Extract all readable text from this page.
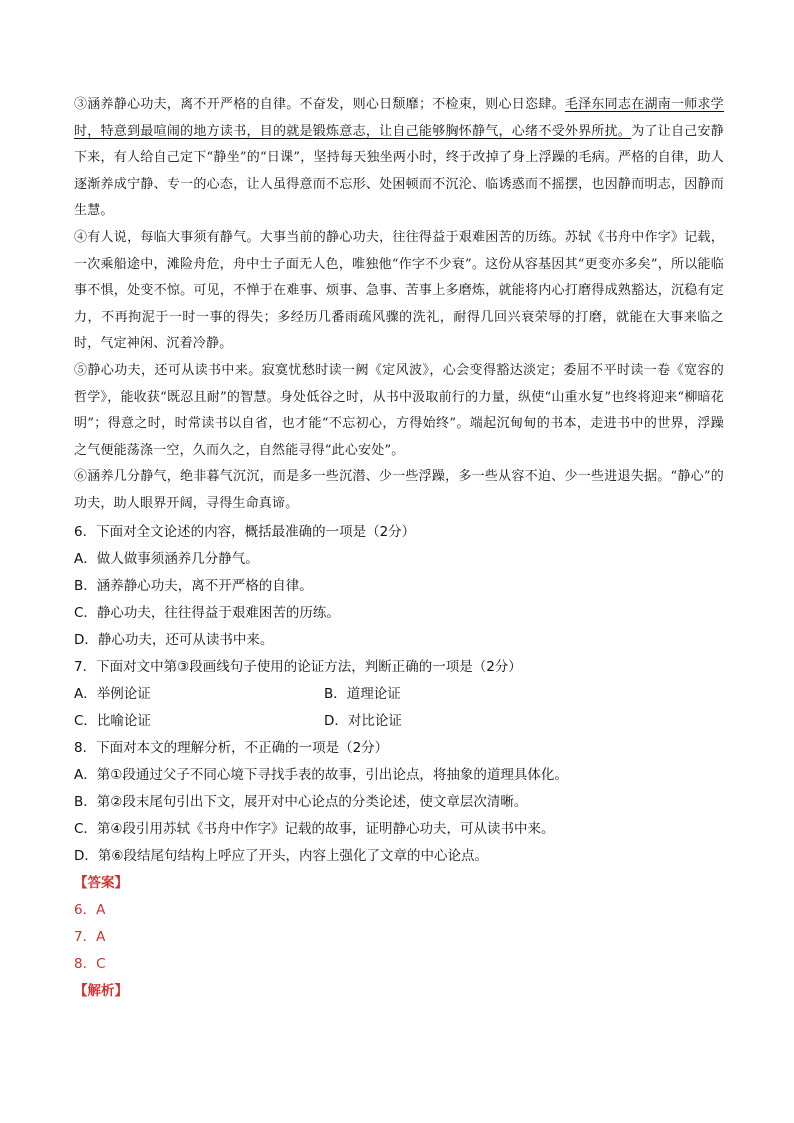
③涵养静心功夫，离不开严格的自律。不奋发，则心日颓靡；不检束，则心日恣肆。毛泽东同志在湖南一师求学时，特意到最喧闹的地方读书，目的就是锻炼意志，让自己能够胸怀静气，心绪不受外界所扰。为了让自己安静下来，有人给自己定下“静坐”的“日课”，坚持每天独坐两小时，终于改掉了身上浮躁的毛病。严格的自律，助人逐渐养成宁静、专一的心态，让人虽得意而不忘形、处困顿而不沉沦、临诱惑而不摇摆，也因静而明志，因静而生慧。

④有人说，每临大事须有静气。大事当前的静心功夫，往往得益于艰难困苦的历练。苏轼《书舟中作字》记载，一次乘船途中，滩险舟危，舟中士子面无人色，唯独他“作字不少衰”。这份从容基因其“更变亦多矣”，所以能临事不惧，处变不惊。可见，不惮于在难事、烦事、急事、苦事上多磨炼，就能将内心打磨得成熟豁达，沉稳有定力，不再拘泥于一时一事的得失；多经历几番雨疏风骤的洗礼，耐得几回兴衰荣辱的打磨，就能在大事来临之时，气定神闲、沉着冷静。

⑤静心功夫，还可从读书中来。寂寞忧愁时读一阙《定风波》，心会变得豁达淡定；委屈不平时读一卷《宽容的哲学》，能收获“既忍且耐”的智慧。身处低谷之时，从书中汲取前行的力量，纵使“山重水复”也终将迎来“柳暗花明”；得意之时，时常读书以自省，也才能“不忘初心，方得始终”。端起沉甸甸的书本，走进书中的世界，浮躁之气便能荡涤一空，久而久之，自然能寻得“此心安处”。

⑥涵养几分静气，绝非暮气沉沉，而是多一些沉潜、少一些浮躁，多一些从容不迫、少一些进退失据。“静心”的功夫，助人眼界开阔，寻得生命真谛。

6．下面对全文论述的内容，概括最准确的一项是（2分）

A．做人做事须涵养几分静气。

B．涵养静心功夫，离不开严格的自律。

C．静心功夫，往往得益于艰难困苦的历练。

D．静心功夫，还可从读书中来。

7．下面对文中第③段画线句子使用的论证方法，判断正确的一项是（2分）

A．举例论证	B．道理论证

C．比喻论证	D．对比论证

8．下面对本文的理解分析，不正确的一项是（2分）

A．第①段通过父子不同心境下寻找手表的故事，引出论点，将抽象的道理具体化。

B．第②段末尾句引出下文，展开对中心论点的分类论述，使文章层次清晰。

C．第④段引用苏轼《书舟中作字》记载的故事，证明静心功夫，可从读书中来。

D．第⑥段结尾句结构上呼应了开头，内容上强化了文章的中心论点。

【答案】

6．A

7．A

8．C

【解析】
